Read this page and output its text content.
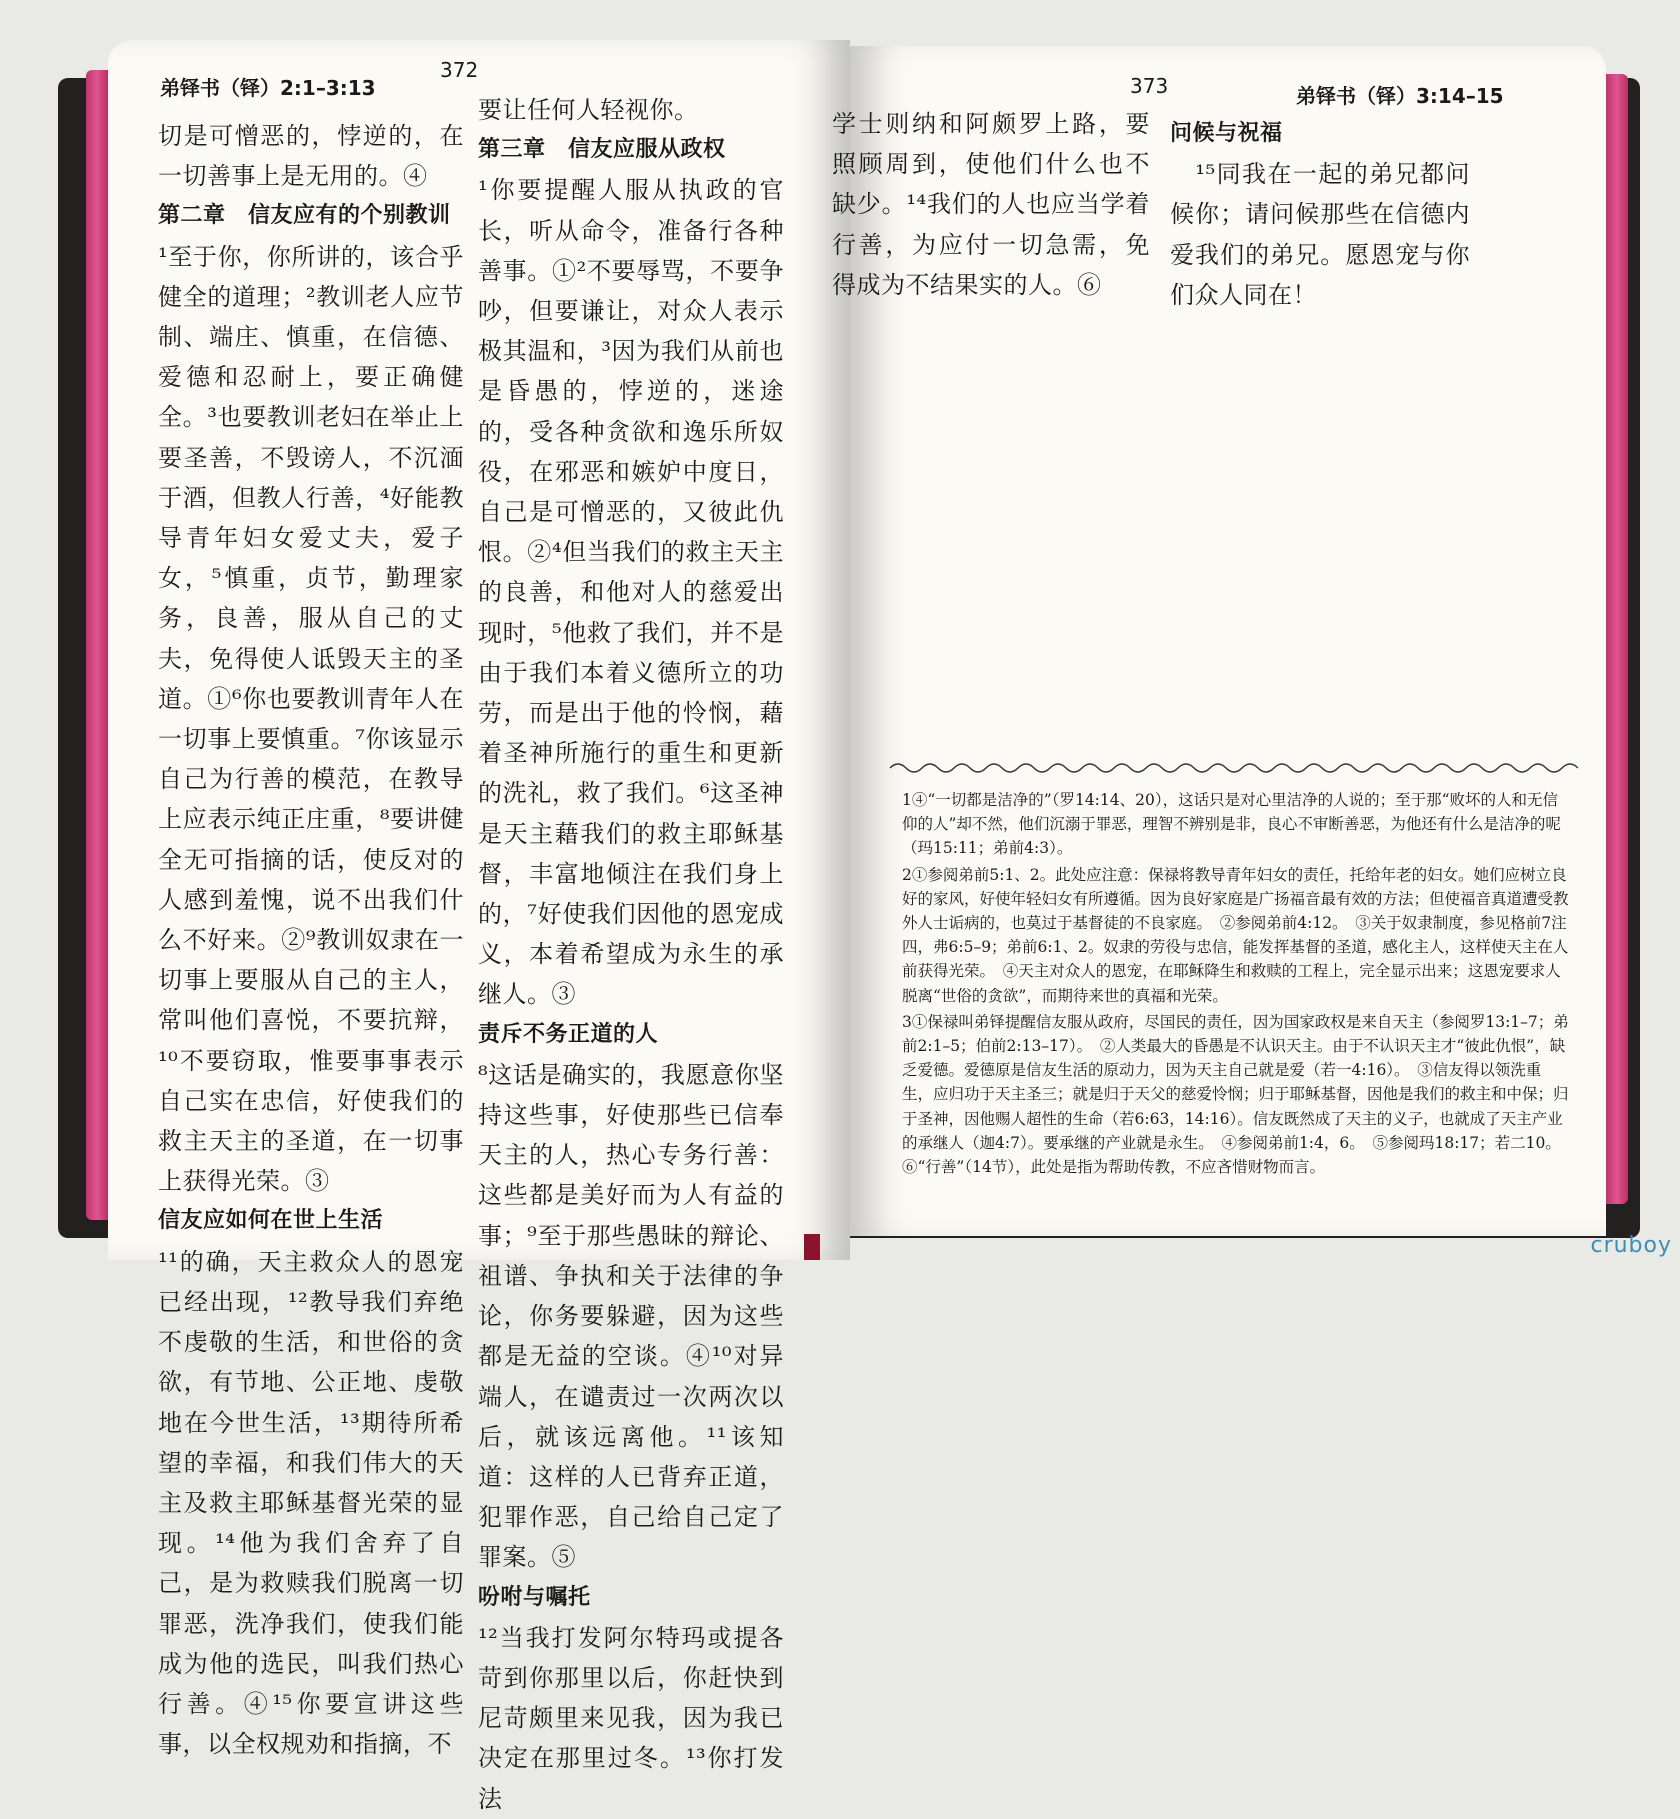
弟铎书（铎）2:1–3:13
372
切是可憎恶的，悖逆的，在一切善事上是无用的。④
第二章　信友应有的个别教训
¹至于你，你所讲的，该合乎健全的道理；²教训老人应节制、端庄、慎重，在信德、爱德和忍耐上，要正确健全。³也要教训老妇在举止上要圣善，不毁谤人，不沉湎于酒，但教人行善，⁴好能教导青年妇女爱丈夫，爱子女，⁵慎重，贞节，勤理家务，良善，服从自己的丈夫，免得使人诋毁天主的圣道。①⁶你也要教训青年人在一切事上要慎重。⁷你该显示自己为行善的模范，在教导上应表示纯正庄重，⁸要讲健全无可指摘的话，使反对的人感到羞愧，说不出我们什么不好来。②⁹教训奴隶在一切事上要服从自己的主人，常叫他们喜悦，不要抗辩，¹⁰不要窃取，惟要事事表示自己实在忠信，好使我们的救主天主的圣道，在一切事上获得光荣。③
信友应如何在世上生活
¹¹的确，天主救众人的恩宠已经出现，¹²教导我们弃绝不虔敬的生活，和世俗的贪欲，有节地、公正地、虔敬地在今世生活，¹³期待所希望的幸福，和我们伟大的天主及救主耶稣基督光荣的显现。¹⁴他为我们舍弃了自己，是为救赎我们脱离一切罪恶，洗净我们，使我们能成为他的选民，叫我们热心行善。④¹⁵你要宣讲这些事，以全权规劝和指摘，不
要让任何人轻视你。
第三章　信友应服从政权
¹你要提醒人服从执政的官长，听从命令，准备行各种善事。①²不要辱骂，不要争吵，但要谦让，对众人表示极其温和，³因为我们从前也是昏愚的，悖逆的，迷途的，受各种贪欲和逸乐所奴役，在邪恶和嫉妒中度日，自己是可憎恶的，又彼此仇恨。②⁴但当我们的救主天主的良善，和他对人的慈爱出现时，⁵他救了我们，并不是由于我们本着义德所立的功劳，而是出于他的怜悯，藉着圣神所施行的重生和更新的洗礼，救了我们。⁶这圣神是天主藉我们的救主耶稣基督，丰富地倾注在我们身上的，⁷好使我们因他的恩宠成义，本着希望成为永生的承继人。③
责斥不务正道的人
⁸这话是确实的，我愿意你坚持这些事，好使那些已信奉天主的人，热心专务行善：这些都是美好而为人有益的事；⁹至于那些愚昧的辩论、祖谱、争执和关于法律的争论，你务要躲避，因为这些都是无益的空谈。④¹⁰对异端人，在谴责过一次两次以后，就该远离他。¹¹该知道：这样的人已背弃正道，犯罪作恶，自己给自己定了罪案。⑤
吩咐与嘱托
¹²当我打发阿尔特玛或提各苛到你那里以后，你赶快到尼苛颇里来见我，因为我已决定在那里过冬。¹³你打发法
373	弟铎书（铎）3:14–15
学士则纳和阿颇罗上路，要照顾周到，使他们什么也不缺少。¹⁴我们的人也应当学着行善，为应付一切急需，免得成为不结果实的人。⑥
问候与祝福
　¹⁵同我在一起的弟兄都问候你；请问候那些在信德内爱我们的弟兄。愿恩宠与你们众人同在！

1④“一切都是洁净的”（罗14:14、20），这话只是对心里洁净的人说的；至于那“败坏的人和无信仰的人”却不然，他们沉溺于罪恶，理智不辨别是非，良心不审断善恶，为他还有什么是洁净的呢（玛15:11；弟前4:3）。

2①参阅弟前5:1、2。此处应注意：保禄将教导青年妇女的责任，托给年老的妇女。她们应树立良好的家风，好使年轻妇女有所遵循。因为良好家庭是广扬福音最有效的方法；但使福音真道遭受教外人士诟病的，也莫过于基督徒的不良家庭。　②参阅弟前4:12。　③关于奴隶制度，参见格前7注四，弗6:5–9；弟前6:1、2。奴隶的劳役与忠信，能发挥基督的圣道，感化主人，这样使天主在人前获得光荣。　④天主对众人的恩宠，在耶稣降生和救赎的工程上，完全显示出来；这恩宠要求人脱离“世俗的贪欲”，而期待来世的真福和光荣。

3①保禄叫弟铎提醒信友服从政府，尽国民的责任，因为国家政权是来自天主（参阅罗13:1–7；弟前2:1–5；伯前2:13–17）。　②人类最大的昏愚是不认识天主。由于不认识天主才“彼此仇恨”，缺乏爱德。爱德原是信友生活的原动力，因为天主自己就是爱（若一4:16）。　③信友得以领洗重生，应归功于天主圣三；就是归于天父的慈爱怜悯；归于耶稣基督，因他是我们的救主和中保；归于圣神，因他赐人超性的生命（若6:63，14:16）。信友既然成了天主的义子，也就成了天主产业的承继人（迦4:7）。要承继的产业就是永生。　④参阅弟前1:4，6。　⑤参阅玛18:17；若二10。　⑥“行善”（14节），此处是指为帮助传教，不应吝惜财物而言。

cruboy
